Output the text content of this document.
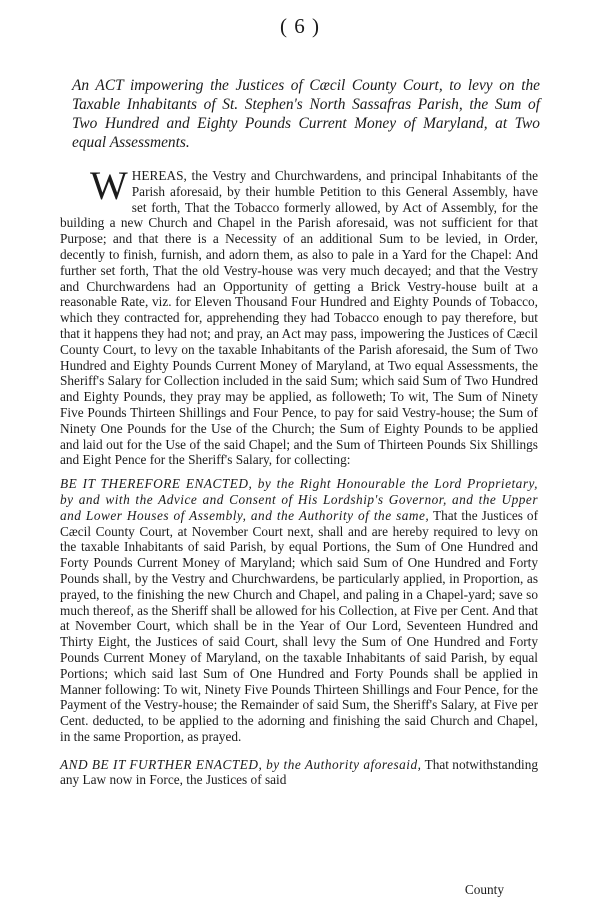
( 6 )
An ACT impowering the Justices of Cæcil County Court, to levy on the Taxable Inhabitants of St. Stephen's North Sassafras Parish, the Sum of Two Hundred and Eighty Pounds Current Money of Maryland, at Two equal Assessments.

WHEREAS, the Vestry and Churchwardens, and principal Inhabitants of the Parish aforesaid, by their humble Petition to this General Assembly, have set forth, That the Tobacco formerly allowed, by Act of Assembly, for the building a new Church and Chapel in the Parish aforesaid, was not sufficient for that Purpose; and that there is a Necessity of an additional Sum to be levied, in Order, decently to finish, furnish, and adorn them, as also to pale in a Yard for the Chapel: And further set forth, That the old Vestry-house was very much decayed; and that the Vestry and Churchwardens had an Opportunity of getting a Brick Vestry-house built at a reasonable Rate, viz. for Eleven Thousand Four Hundred and Eighty Pounds of Tobacco, which they contracted for, apprehending they had Tobacco enough to pay therefore, but that it happens they had not; and pray, an Act may pass, impowering the Justices of Cæcil County Court, to levy on the taxable Inhabitants of the Parish aforesaid, the Sum of Two Hundred and Eighty Pounds Current Money of Maryland, at Two equal Assessments, the Sheriff's Salary for Collection included in the said Sum; which said Sum of Two Hundred and Eighty Pounds, they pray may be applied, as followeth; To wit, The Sum of Ninety Five Pounds Thirteen Shillings and Four Pence, to pay for said Vestry-house; the Sum of Ninety One Pounds for the Use of the Church; the Sum of Eighty Pounds to be applied and laid out for the Use of the said Chapel; and the Sum of Thirteen Pounds Six Shillings and Eight Pence for the Sheriff's Salary, for collecting:

BE IT THEREFORE ENACTED, by the Right Honourable the Lord Proprietary, by and with the Advice and Consent of His Lordship's Governor, and the Upper and Lower Houses of Assembly, and the Authority of the same, That the Justices of Cæcil County Court, at November Court next, shall and are hereby required to levy on the taxable Inhabitants of said Parish, by equal Portions, the Sum of One Hundred and Forty Pounds Current Money of Maryland; which said Sum of One Hundred and Forty Pounds shall, by the Vestry and Churchwardens, be particularly applied, in Proportion, as prayed, to the finishing the new Church and Chapel, and paling in a Chapel-yard; save so much thereof, as the Sheriff shall be allowed for his Collection, at Five per Cent. And that at November Court, which shall be in the Year of Our Lord, Seventeen Hundred and Thirty Eight, the Justices of said Court, shall levy the Sum of One Hundred and Forty Pounds Current Money of Maryland, on the taxable Inhabitants of said Parish, by equal Portions; which said last Sum of One Hundred and Forty Pounds shall be applied in Manner following: To wit, Ninety Five Pounds Thirteen Shillings and Four Pence, for the Payment of the Vestry-house; the Remainder of said Sum, the Sheriff's Salary, at Five per Cent. deducted, to be applied to the adorning and finishing the said Church and Chapel, in the same Proportion, as prayed.

AND BE IT FURTHER ENACTED, by the Authority aforesaid, That notwithstanding any Law now in Force, the Justices of said

County
